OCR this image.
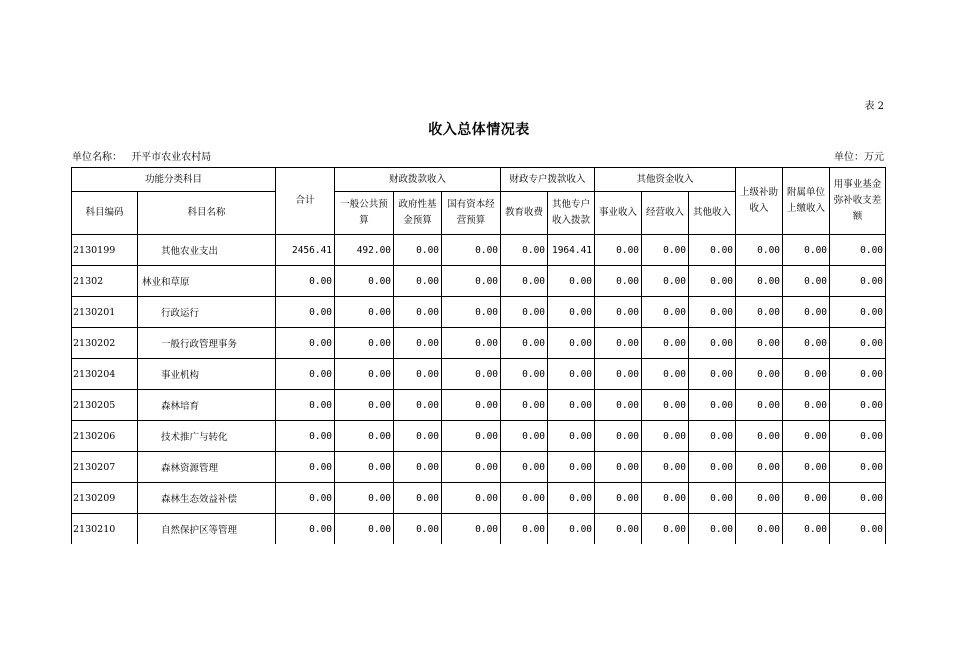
表 2
收入总体情况表
单位名称： 开平市农业农村局	单位：万元
功能分类科目		合计	财政拨款收入			财政专户拨款收入		其他资金收入			上级补助收入	附属单位上缴收入	用事业基金弥补收支差额
科目编码	科目名称		一般公共预算	政府性基金预算	国有资本经营预算	教育收费	其他专户收入拨款	事业收入	经营收入	其他收入			
2130199	其他农业支出	2456.41	492.00	0.00	0.00	0.00	1964.41	0.00	0.00	0.00	0.00	0.00	0.00
21302	林业和草原	0.00	0.00	0.00	0.00	0.00	0.00	0.00	0.00	0.00	0.00	0.00	0.00
2130201	行政运行	0.00	0.00	0.00	0.00	0.00	0.00	0.00	0.00	0.00	0.00	0.00	0.00
2130202	一般行政管理事务	0.00	0.00	0.00	0.00	0.00	0.00	0.00	0.00	0.00	0.00	0.00	0.00
2130204	事业机构	0.00	0.00	0.00	0.00	0.00	0.00	0.00	0.00	0.00	0.00	0.00	0.00
2130205	森林培育	0.00	0.00	0.00	0.00	0.00	0.00	0.00	0.00	0.00	0.00	0.00	0.00
2130206	技术推广与转化	0.00	0.00	0.00	0.00	0.00	0.00	0.00	0.00	0.00	0.00	0.00	0.00
2130207	森林资源管理	0.00	0.00	0.00	0.00	0.00	0.00	0.00	0.00	0.00	0.00	0.00	0.00
2130209	森林生态效益补偿	0.00	0.00	0.00	0.00	0.00	0.00	0.00	0.00	0.00	0.00	0.00	0.00
2130210	自然保护区等管理	0.00	0.00	0.00	0.00	0.00	0.00	0.00	0.00	0.00	0.00	0.00	0.00
